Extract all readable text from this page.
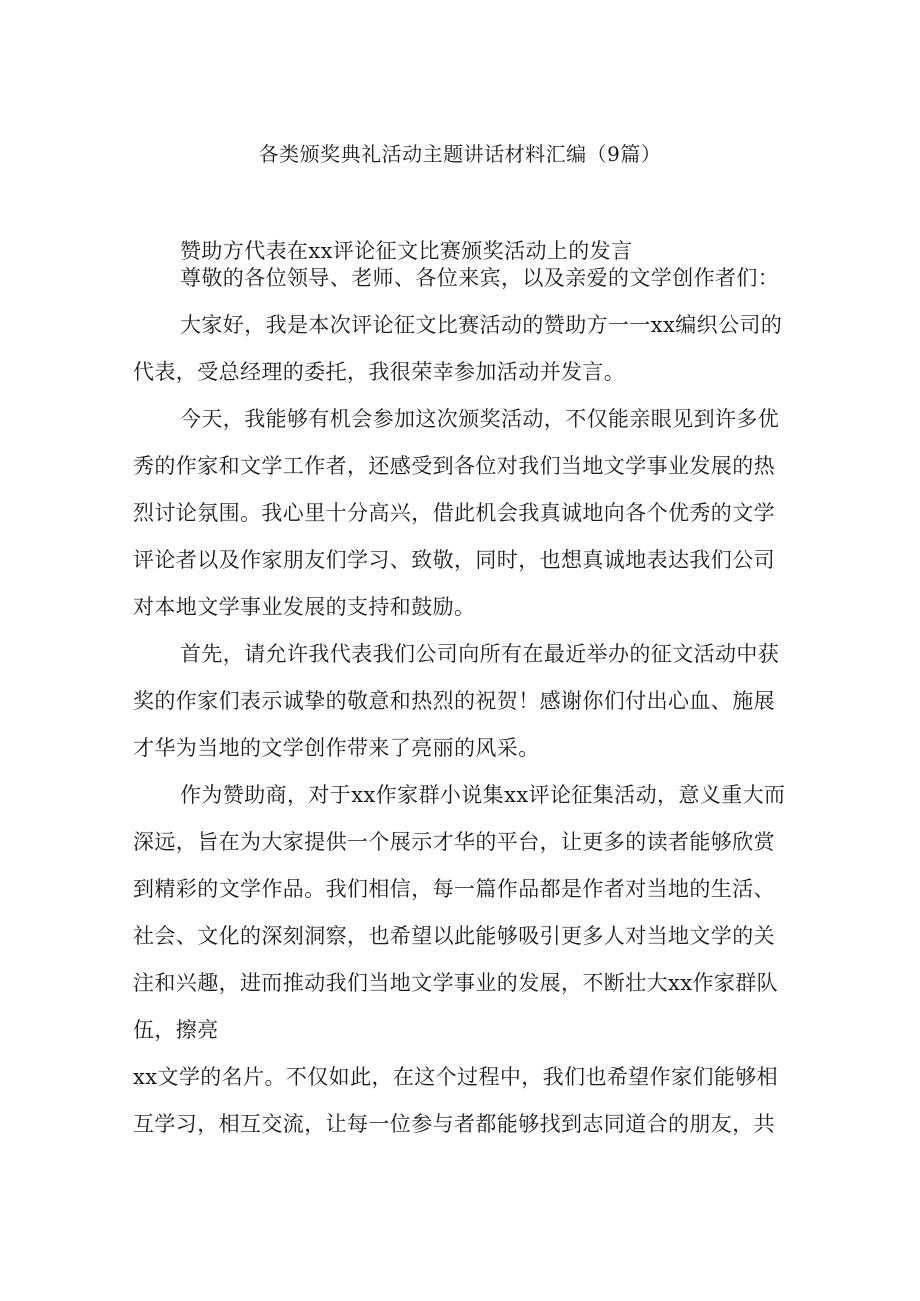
各类颁奖典礼活动主题讲话材料汇编（9篇）

赞助方代表在xx评论征文比赛颁奖活动上的发言

尊敬的各位领导、老师、各位来宾，以及亲爱的文学创作者们：

大家好，我是本次评论征文比赛活动的赞助方一一xx编织公司的

代表，受总经理的委托，我很荣幸参加活动并发言。

今天，我能够有机会参加这次颁奖活动，不仅能亲眼见到许多优

秀的作家和文学工作者，还感受到各位对我们当地文学事业发展的热

烈讨论氛围。我心里十分高兴，借此机会我真诚地向各个优秀的文学

评论者以及作家朋友们学习、致敬，同时，也想真诚地表达我们公司

对本地文学事业发展的支持和鼓励。

首先，请允许我代表我们公司向所有在最近举办的征文活动中获

奖的作家们表示诚挚的敬意和热烈的祝贺！感谢你们付出心血、施展

才华为当地的文学创作带来了亮丽的风采。

作为赞助商，对于xx作家群小说集xx评论征集活动，意义重大而

深远，旨在为大家提供一个展示才华的平台，让更多的读者能够欣赏

到精彩的文学作品。我们相信，每一篇作品都是作者对当地的生活、

社会、文化的深刻洞察，也希望以此能够吸引更多人对当地文学的关

注和兴趣，进而推动我们当地文学事业的发展，不断壮大xx作家群队

伍，擦亮

xx文学的名片。不仅如此，在这个过程中，我们也希望作家们能够相

互学习，相互交流，让每一位参与者都能够找到志同道合的朋友，共
